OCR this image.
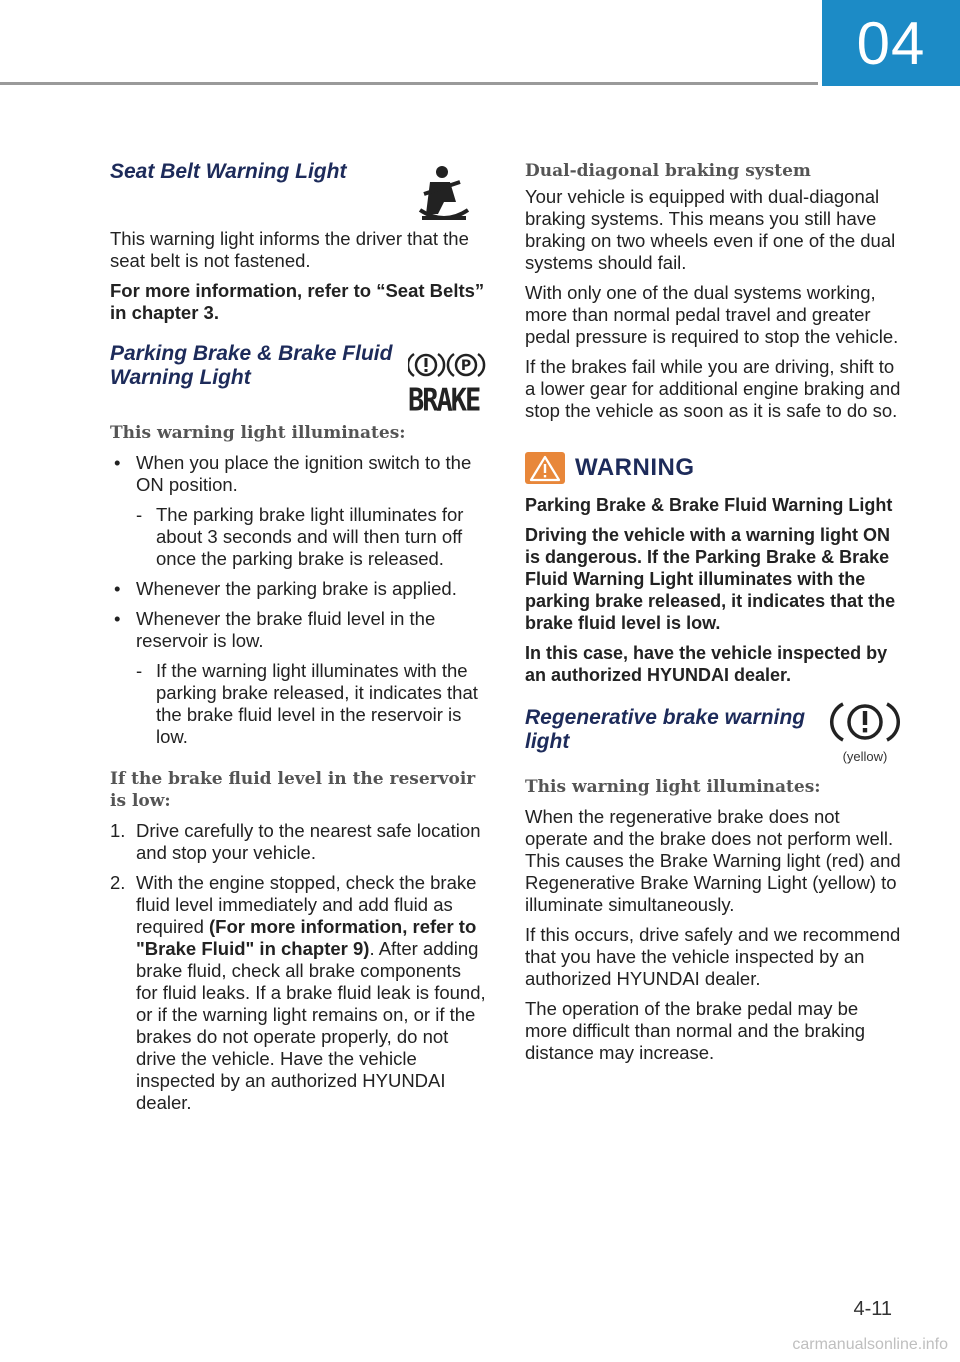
04
Seat Belt Warning Light

This warning light informs the driver that the seat belt is not fastened.

For more information, refer to “Seat Belts” in chapter 3.

Parking Brake & Brake Fluid
Warning Light	P
BRAKE

This warning light illuminates:

• When you place the ignition switch to the ON position.

- The parking brake light illuminates for about 3 seconds and will then turn off once the parking brake is released.

• Whenever the parking brake is applied.

• Whenever the brake fluid level in the reservoir is low.

- If the warning light illuminates with the parking brake released, it indicates that the brake fluid level in the reservoir is low.

If the brake fluid level in the reservoir is low:

1. Drive carefully to the nearest safe location and stop your vehicle.

2. With the engine stopped, check the brake fluid level immediately and add fluid as required (For more information, refer to "Brake Fluid" in chapter 9). After adding brake fluid, check all brake components for fluid leaks. If a brake fluid leak is found, or if the warning light remains on, or if the brakes do not operate properly, do not drive the vehicle. Have the vehicle inspected by an authorized HYUNDAI dealer.

Dual-diagonal braking system

Your vehicle is equipped with dual-diagonal braking systems. This means you still have braking on two wheels even if one of the dual systems should fail.

With only one of the dual systems working, more than normal pedal travel and greater pedal pressure is required to stop the vehicle.

If the brakes fail while you are driving, shift to a lower gear for additional engine braking and stop the vehicle as soon as it is safe to do so.

WARNING

Parking Brake & Brake Fluid Warning Light

Driving the vehicle with a warning light ON is dangerous. If the Parking Brake & Brake Fluid Warning Light illuminates with the parking brake released, it indicates that the brake fluid level is low.

In this case, have the vehicle inspected by an authorized HYUNDAI dealer.

Regenerative brake warning
light
(yellow)

This warning light illuminates:

When the regenerative brake does not operate and the brake does not perform well. This causes the Brake Warning light (red) and Regenerative Brake Warning Light (yellow) to illuminate simultaneously.

If this occurs, drive safely and we recommend that you have the vehicle inspected by an authorized HYUNDAI dealer.

The operation of the brake pedal may be more difficult than normal and the braking distance may increase.

4-11
carmanualsonline.info
